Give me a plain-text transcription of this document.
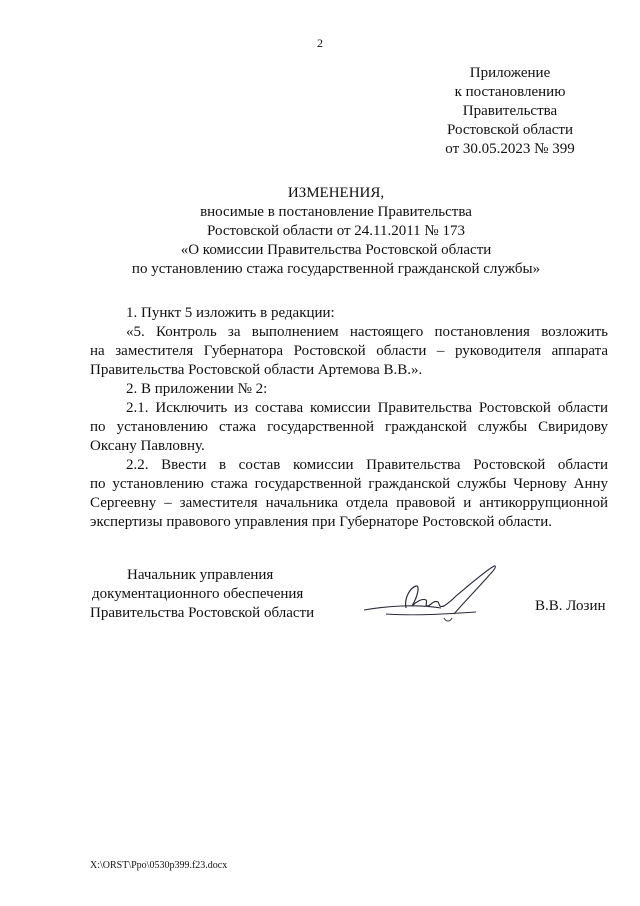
2
Приложение
к постановлению
Правительства
Ростовской области
от 30.05.2023 № 399
ИЗМЕНЕНИЯ,
вносимые в постановление Правительства
Ростовской области от 24.11.2011 № 173
«О комиссии Правительства Ростовской области
по установлению стажа государственной гражданской службы»
1. Пункт 5 изложить в редакции:
«5. Контроль за выполнением настоящего постановления возложить
на заместителя Губернатора Ростовской области – руководителя аппарата
Правительства Ростовской области Артемова В.В.».
2. В приложении № 2:
2.1. Исключить из состава комиссии Правительства Ростовской области
по установлению стажа государственной гражданской службы Свиридову
Оксану Павловну.
2.2. Ввести в состав комиссии Правительства Ростовской области
по установлению стажа государственной гражданской службы Чернову Анну
Сергеевну – заместителя начальника отдела правовой и антикоррупционной
экспертизы правового управления при Губернаторе Ростовской области.
Начальник управления
документационного обеспечения
Правительства Ростовской области	В.В. Лозин
X:\ORST\Ppo\0530p399.f23.docx
